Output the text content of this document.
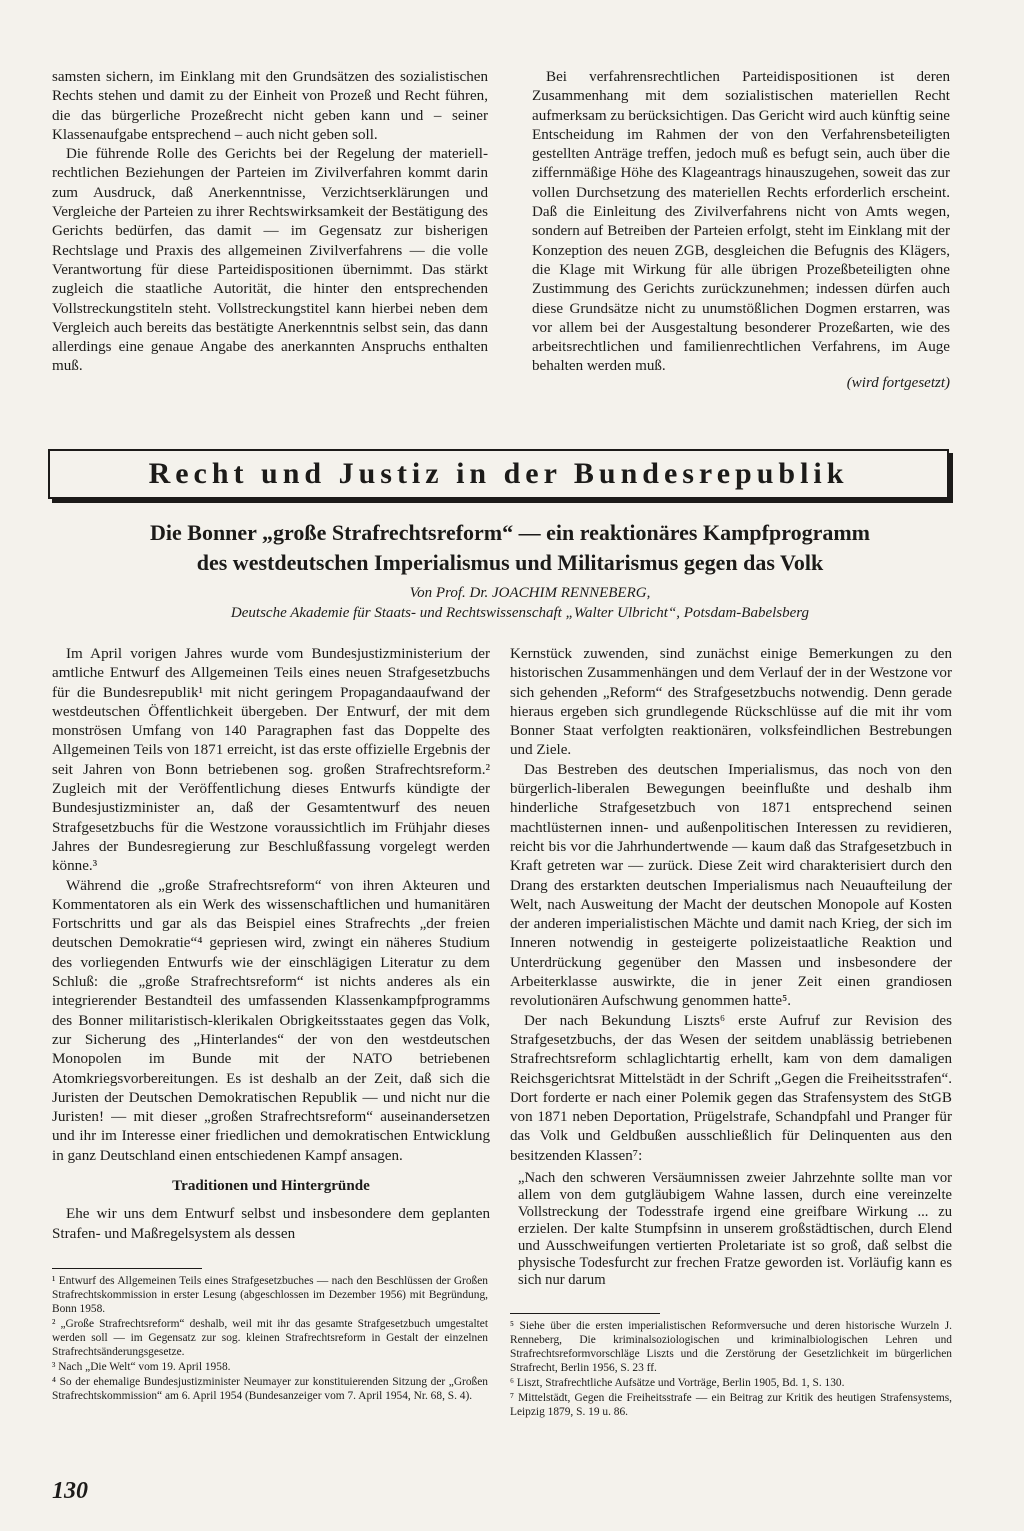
samsten sichern, im Einklang mit den Grundsätzen des sozialistischen Rechts stehen und damit zu der Einheit von Prozeß und Recht führen, die das bürgerliche Prozeßrecht nicht geben kann und – seiner Klassenaufgabe entsprechend – auch nicht geben soll.

Die führende Rolle des Gerichts bei der Regelung der materiell-rechtlichen Beziehungen der Parteien im Zivilverfahren kommt darin zum Ausdruck, daß Anerkenntnisse, Verzichtserklärungen und Vergleiche der Parteien zu ihrer Rechtswirksamkeit der Bestätigung des Gerichts bedürfen, das damit — im Gegensatz zur bisherigen Rechtslage und Praxis des allgemeinen Zivilverfahrens — die volle Verantwortung für diese Parteidispositionen übernimmt. Das stärkt zugleich die staatliche Autorität, die hinter den entsprechenden Vollstreckungstiteln steht. Vollstreckungstitel kann hierbei neben dem Vergleich auch bereits das bestätigte Anerkenntnis selbst sein, das dann allerdings eine genaue Angabe des anerkannten Anspruchs enthalten muß.

Bei verfahrensrechtlichen Parteidispositionen ist deren Zusammenhang mit dem sozialistischen materiellen Recht aufmerksam zu berücksichtigen. Das Gericht wird auch künftig seine Entscheidung im Rahmen der von den Verfahrensbeteiligten gestellten Anträge treffen, jedoch muß es befugt sein, auch über die ziffernmäßige Höhe des Klageantrags hinauszugehen, soweit das zur vollen Durchsetzung des materiellen Rechts erforderlich erscheint. Daß die Einleitung des Zivilverfahrens nicht von Amts wegen, sondern auf Betreiben der Parteien erfolgt, steht im Einklang mit der Konzeption des neuen ZGB, desgleichen die Befugnis des Klägers, die Klage mit Wirkung für alle übrigen Prozeßbeteiligten ohne Zustimmung des Gerichts zurückzunehmen; indessen dürfen auch diese Grundsätze nicht zu unumstößlichen Dogmen erstarren, was vor allem bei der Ausgestaltung besonderer Prozeßarten, wie des arbeitsrechtlichen und familienrechtlichen Verfahrens, im Auge behalten werden muß.

(wird fortgesetzt)
Recht und Justiz in der Bundesrepublik
Die Bonner „große Strafrechtsreform“ — ein reaktionäres Kampfprogramm
des westdeutschen Imperialismus und Militarismus gegen das Volk
Von Prof. Dr. JOACHIM RENNEBERG,
Deutsche Akademie für Staats- und Rechtswissenschaft „Walter Ulbricht“, Potsdam-Babelsberg

Im April vorigen Jahres wurde vom Bundesjustizministerium der amtliche Entwurf des Allgemeinen Teils eines neuen Strafgesetzbuchs für die Bundesrepublik¹ mit nicht geringem Propagandaaufwand der westdeutschen Öffentlichkeit übergeben. Der Entwurf, der mit dem monströsen Umfang von 140 Paragraphen fast das Doppelte des Allgemeinen Teils von 1871 erreicht, ist das erste offizielle Ergebnis der seit Jahren von Bonn betriebenen sog. großen Strafrechtsreform.² Zugleich mit der Veröffentlichung dieses Entwurfs kündigte der Bundesjustizminister an, daß der Gesamtentwurf des neuen Strafgesetzbuchs für die Westzone voraussichtlich im Frühjahr dieses Jahres der Bundesregierung zur Beschlußfassung vorgelegt werden könne.³

Während die „große Strafrechtsreform“ von ihren Akteuren und Kommentatoren als ein Werk des wissenschaftlichen und humanitären Fortschritts und gar als das Beispiel eines Strafrechts „der freien deutschen Demokratie“⁴ gepriesen wird, zwingt ein näheres Studium des vorliegenden Entwurfs wie der einschlägigen Literatur zu dem Schluß: die „große Strafrechtsreform“ ist nichts anderes als ein integrierender Bestandteil des umfassenden Klassenkampfprogramms des Bonner militaristisch-klerikalen Obrigkeitsstaates gegen das Volk, zur Sicherung des „Hinterlandes“ der von den westdeutschen Monopolen im Bunde mit der NATO betriebenen Atomkriegsvorbereitungen. Es ist deshalb an der Zeit, daß sich die Juristen der Deutschen Demokratischen Republik — und nicht nur die Juristen! — mit dieser „großen Strafrechtsreform“ auseinandersetzen und ihr im Interesse einer friedlichen und demokratischen Entwicklung in ganz Deutschland einen entschiedenen Kampf ansagen.

Traditionen und Hintergründe

Ehe wir uns dem Entwurf selbst und insbesondere dem geplanten Strafen- und Maßregelsystem als dessen

Kernstück zuwenden, sind zunächst einige Bemerkungen zu den historischen Zusammenhängen und dem Verlauf der in der Westzone vor sich gehenden „Reform“ des Strafgesetzbuchs notwendig. Denn gerade hieraus ergeben sich grundlegende Rückschlüsse auf die mit ihr vom Bonner Staat verfolgten reaktionären, volksfeindlichen Bestrebungen und Ziele.

Das Bestreben des deutschen Imperialismus, das noch von den bürgerlich-liberalen Bewegungen beeinflußte und deshalb ihm hinderliche Strafgesetzbuch von 1871 entsprechend seinen machtlüsternen innen- und außenpolitischen Interessen zu revidieren, reicht bis vor die Jahrhundertwende — kaum daß das Strafgesetzbuch in Kraft getreten war — zurück. Diese Zeit wird charakterisiert durch den Drang des erstarkten deutschen Imperialismus nach Neuaufteilung der Welt, nach Ausweitung der Macht der deutschen Monopole auf Kosten der anderen imperialistischen Mächte und damit nach Krieg, der sich im Inneren notwendig in gesteigerte polizeistaatliche Reaktion und Unterdrückung gegenüber den Massen und insbesondere der Arbeiterklasse auswirkte, die in jener Zeit einen grandiosen revolutionären Aufschwung genommen hatte⁵.

Der nach Bekundung Liszts⁶ erste Aufruf zur Revision des Strafgesetzbuchs, der das Wesen der seitdem unablässig betriebenen Strafrechtsreform schlaglichtartig erhellt, kam von dem damaligen Reichsgerichtsrat Mittelstädt in der Schrift „Gegen die Freiheitsstrafen“. Dort forderte er nach einer Polemik gegen das Strafensystem des StGB von 1871 neben Deportation, Prügelstrafe, Schandpfahl und Pranger für das Volk und Geldbußen ausschließlich für Delinquenten aus den besitzenden Klassen⁷:

„Nach den schweren Versäumnissen zweier Jahrzehnte sollte man vor allem von dem gutgläubigem Wahne lassen, durch eine vereinzelte Vollstreckung der Todesstrafe irgend eine greifbare Wirkung ... zu erzielen. Der kalte Stumpfsinn in unserem großstädtischen, durch Elend und Ausschweifungen vertierten Proletariate ist so groß, daß selbst die physische Todesfurcht zur frechen Fratze geworden ist. Vorläufig kann es sich nur darum

¹ Entwurf des Allgemeinen Teils eines Strafgesetzbuches — nach den Beschlüssen der Großen Strafrechtskommission in erster Lesung (abgeschlossen im Dezember 1956) mit Begründung, Bonn 1958.

² „Große Strafrechtsreform“ deshalb, weil mit ihr das gesamte Strafgesetzbuch umgestaltet werden soll — im Gegensatz zur sog. kleinen Strafrechtsreform in Gestalt der einzelnen Strafrechtsänderungsgesetze.

³ Nach „Die Welt“ vom 19. April 1958.

⁴ So der ehemalige Bundesjustizminister Neumayer zur konstituierenden Sitzung der „Großen Strafrechtskommission“ am 6. April 1954 (Bundesanzeiger vom 7. April 1954, Nr. 68, S. 4).

⁵ Siehe über die ersten imperialistischen Reformversuche und deren historische Wurzeln J. Renneberg, Die kriminalsoziologischen und kriminalbiologischen Lehren und Strafrechtsreformvorschläge Liszts und die Zerstörung der Gesetzlichkeit im bürgerlichen Strafrecht, Berlin 1956, S. 23 ff.

⁶ Liszt, Strafrechtliche Aufsätze und Vorträge, Berlin 1905, Bd. 1, S. 130.

⁷ Mittelstädt, Gegen die Freiheitsstrafe — ein Beitrag zur Kritik des heutigen Strafensystems, Leipzig 1879, S. 19 u. 86.

130
